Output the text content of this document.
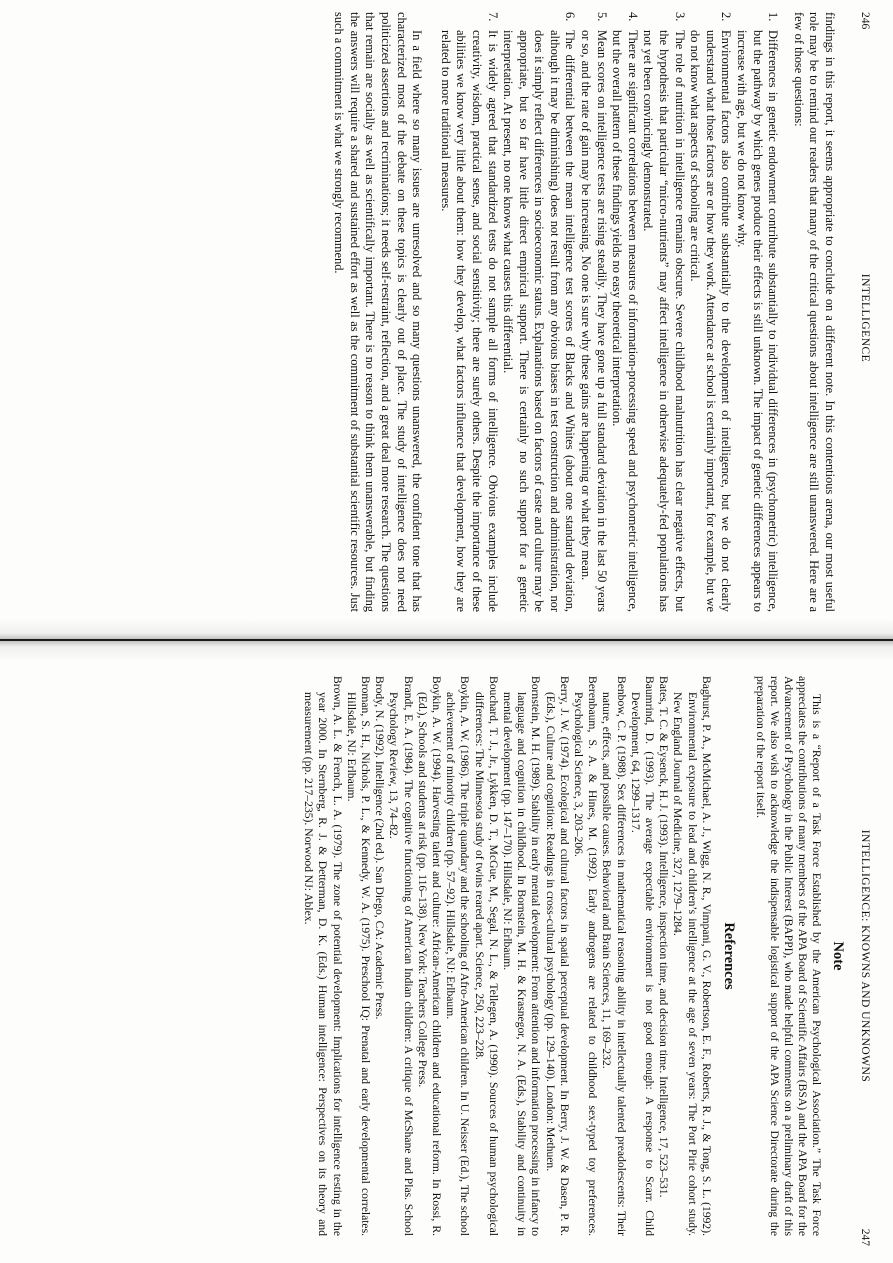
246
INTELLIGENCE

findings in this report, it seems appropriate to conclude on a different note. In this contentious arena, our most useful role may be to remind our readers that many of the critical questions about intelligence are still unanswered. Here are a few of those questions:

1.
Differences in genetic endowment contribute substantially to individual differences in (psychometric) intelligence, but the pathway by which genes produce their effects is still unknown. The impact of genetic differences appears to increase with age, but we do not know why.
2.
Environmental factors also contribute substantially to the development of intelligence, but we do not clearly understand what those factors are or how they work. Attendance at school is certainly important, for example, but we do not know what aspects of schooling are critical.
3.
The role of nutrition in intelligence remains obscure. Severe childhood malnutrition has clear negative effects, but the hypothesis that particular “micro-nutrients” may affect intelligence in otherwise adequately-fed populations has not yet been convincingly demonstrated.
4.
There are significant correlations between measures of information-processing speed and psychometric intelligence, but the overall pattern of these findings yields no easy theoretical interpretation.
5.
Mean scores on intelligence tests are rising steadily. They have gone up a full standard deviation in the last 50 years or so, and the rate of gain may be increasing. No one is sure why these gains are happening or what they mean.
6.
The differential between the mean intelligence test scores of Blacks and Whites (about one standard deviation, although it may be diminishing) does not result from any obvious biases in test construction and administration, nor does it simply reflect differences in socioeconomic status. Explanations based on factors of caste and culture may be appropriate, but so far have little direct empirical support. There is certainly no such support for a genetic interpretation. At present, no one knows what causes this differential.
7.
It is widely agreed that standardized tests do not sample all forms of intelligence. Obvious examples include creativity, wisdom, practical sense, and social sensitivity; there are surely others. Despite the importance of these abilities we know very little about them: how they develop, what factors influence that development, how they are related to more traditional measures.

In a field where so many issues are unresolved and so many questions unanswered, the confident tone that has characterized most of the debate on these topics is clearly out of place. The study of intelligence does not need politicized assertions and recriminations; it needs self-restraint, reflection, and a great deal more research. The questions that remain are socially as well as scientifically important. There is no reason to think them unanswerable, but finding the answers will require a shared and sustained effort as well as the commitment of substantial scientific resources. Just such a commitment is what we strongly recommend.

INTELLIGENCE: KNOWNS AND UNKNOWNS
247
Note

This is a “Report of a Task Force Established by the American Psychological Association.” The Task Force appreciates the contributions of many members of the APA Board of Scientific Affairs (BSA) and the APA Board for the Advancement of Psychology in the Public Interest (BAPPI), who made helpful comments on a preliminary draft of this report. We also wish to acknowledge the indispensable logistical support of the APA Science Directorate during the preparation of the report itself.

References
Baghurst, P. A., McMichael, A. J., Wigg, N. R., Vimpani, G. V., Robertson, E. F., Roberts, R. J., & Tong, S. L. (1992). Environmental exposure to lead and children’s intelligence at the age of seven years: The Port Pirie cohort study. New England Journal of Medicine, 327, 1279–1284.
Bates, T. C. & Eysenck, H. J. (1993). Intelligence, inspection time, and decision time. Intelligence, 17, 523–531.
Baumrind, D. (1993). The average expectable environment is not good enough: A response to Scarr. Child Development, 64, 1299–1317.
Benbow, C. P. (1988). Sex differences in mathematical reasoning ability in intellectually talented preadolescents: Their nature, effects, and possible causes. Behavioral and Brain Sciences, 11, 169–232.
Berenbaum, S. A. & Hines, M. (1992). Early androgens are related to childhood sex-typed toy preferences. Psychological Science, 3, 203–206.
Berry, J. W. (1974). Ecological and cultural factors in spatial perceptual development. In Berry, J. W. & Dasen, P. R. (Eds.), Culture and cognition: Readings in cross-cultural psychology (pp. 129–140). London: Methuen.
Bornstein, M. H. (1989). Stability in early mental development: From attention and information processing in infancy to language and cognition in childhood. In Bornstein, M. H. & Krasnegor, N. A. (Eds.), Stability and continuity in mental development (pp. 147–170). Hillsdale, NJ: Erlbaum.
Bouchard, T. J., Jr., Lykken, D. T., McGue, M., Segal, N. L., & Tellegen, A. (1990). Sources of human psychological differences: The Minnesota study of twins reared apart. Science, 250, 223–228.
Boykin, A. W. (1986). The triple quandary and the schooling of Afro-American children. In U. Neisser (Ed.), The school achievement of minority children (pp. 57–92). Hillsdale, NJ: Erlbaum.
Boykin, A. W. (1994). Harvesting talent and culture: African-American children and educational reform. In Rossi, R. (Ed.), Schools and students at risk (pp. 116–138). New York: Teachers College Press.
Brandt, E. A. (1984). The cognitive functioning of American Indian children: A critique of McShane and Plas. School Psychology Review, 13, 74–82.
Brody, N. (1992). Intelligence (2nd ed.). San Diego, CA: Academic Press.
Broman, S. H., Nichols, P. L., & Kennedy, W. A. (1975). Preschool IQ: Prenatal and early developmental correlates. Hillsdale, NJ: Erlbaum.
Brown, A. L. & French, L. A. (1979). The zone of potential development: Implications for intelligence testing in the year 2000. In Sternberg, R. J. & Detterman, D. K. (Eds.) Human intelligence: Perspectives on its theory and measurement (pp. 217–235). Norwood NJ: Ablex.
